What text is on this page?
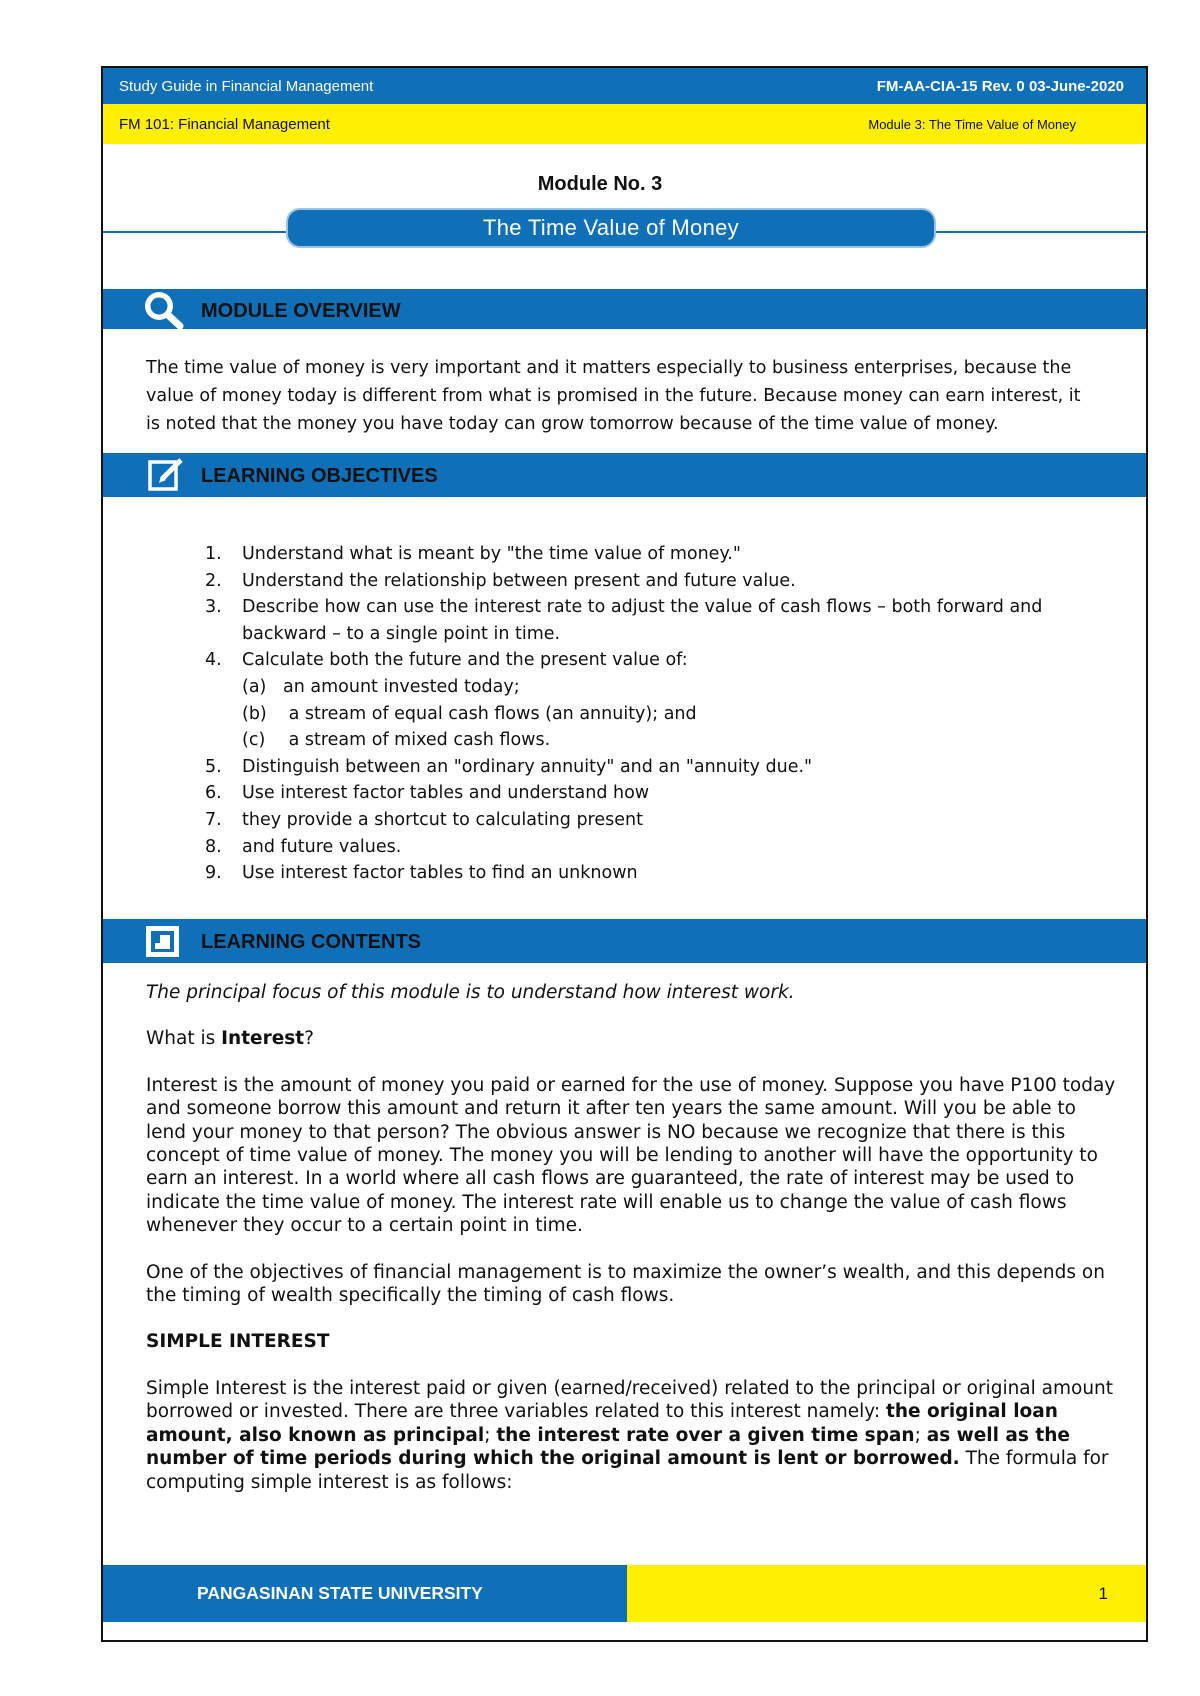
Study Guide in Financial Management	FM-AA-CIA-15 Rev. 0 03-June-2020
FM 101: Financial Management	Module 3: The Time Value of Money
Module No. 3
The Time Value of Money
MODULE OVERVIEW
The time value of money is very important and it matters especially to business enterprises, because the
value of money today is different from what is promised in the future. Because money can earn interest, it
is noted that the money you have today can grow tomorrow because of the time value of money.
LEARNING OBJECTIVES
1. Understand what is meant by "the time value of money."
2. Understand the relationship between present and future value.
3. Describe how can use the interest rate to adjust the value of cash flows – both forward and
backward – to a single point in time.
4. Calculate both the future and the present value of:
(a) an amount invested today;
(b) a stream of equal cash flows (an annuity); and
(c) a stream of mixed cash flows.
5. Distinguish between an "ordinary annuity" and an "annuity due."
6. Use interest factor tables and understand how
7. they provide a shortcut to calculating present
8. and future values.
9. Use interest factor tables to find an unknown
LEARNING CONTENTS

The principal focus of this module is to understand how interest work.

What is Interest?

Interest is the amount of money you paid or earned for the use of money. Suppose you have P100 today and someone borrow this amount and return it after ten years the same amount. Will you be able to lend your money to that person? The obvious answer is NO because we recognize that there is this concept of time value of money. The money you will be lending to another will have the opportunity to earn an interest. In a world where all cash flows are guaranteed, the rate of interest may be used to indicate the time value of money. The interest rate will enable us to change the value of cash flows whenever they occur to a certain point in time.

One of the objectives of financial management is to maximize the owner’s wealth, and this depends on the timing of wealth specifically the timing of cash flows.

SIMPLE INTEREST

Simple Interest is the interest paid or given (earned/received) related to the principal or original amount borrowed or invested. There are three variables related to this interest namely: the original loan amount, also known as principal; the interest rate over a given time span; as well as the number of time periods during which the original amount is lent or borrowed. The formula for computing simple interest is as follows:

PANGASINAN STATE UNIVERSITY	1
